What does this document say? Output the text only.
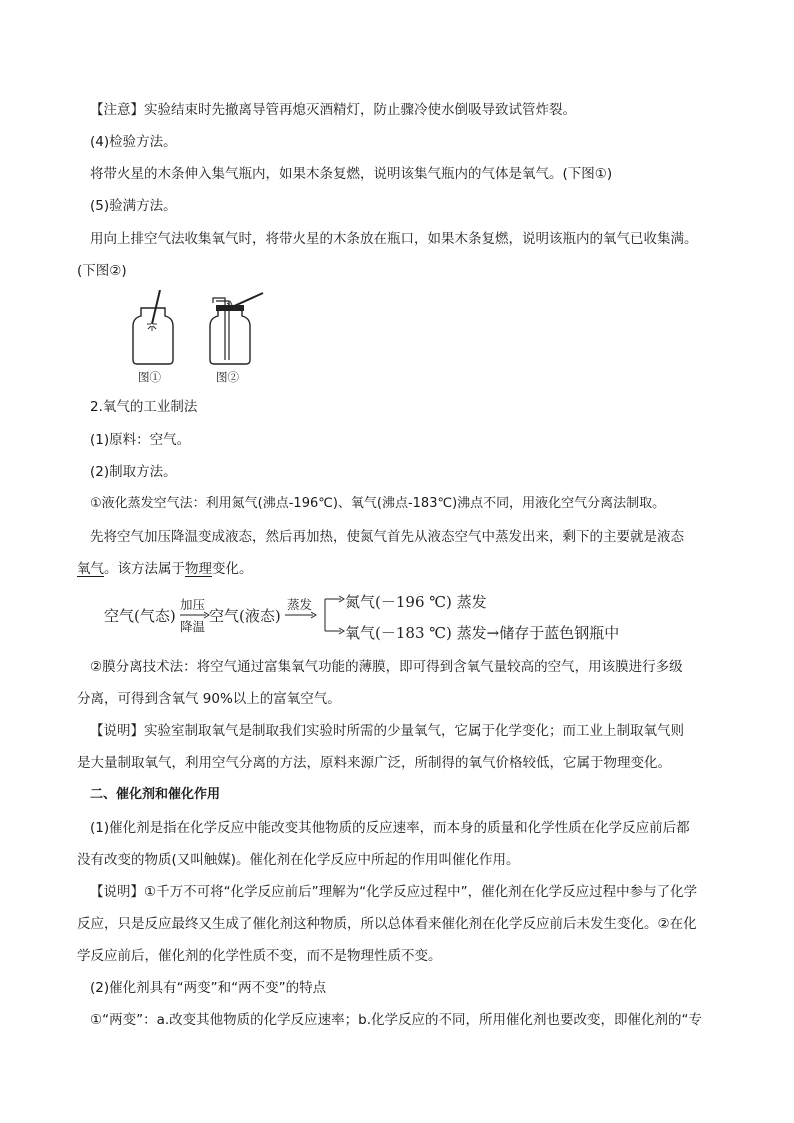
【注意】实验结束时先撤离导管再熄灭酒精灯，防止骤冷使水倒吸导致试管炸裂。
(4)检验方法。
将带火星的木条伸入集气瓶内，如果木条复燃，说明该集气瓶内的气体是氧气。(下图①)
(5)验满方法。
用向上排空气法收集氧气时，将带火星的木条放在瓶口，如果木条复燃，说明该瓶内的氧气已收集满。
(下图②)
图①	图②
2.氧气的工业制法
(1)原料：空气。
(2)制取方法。
①液化蒸发空气法：利用氮气(沸点-196℃)、氧气(沸点-183℃)沸点不同，用液化空气分离法制取。
先将空气加压降温变成液态，然后再加热，使氮气首先从液态空气中蒸发出来，剩下的主要就是液态
氧气。该方法属于物理变化。
空气(气态)
加压
降温
空气(液态)
蒸发 氮气(－196 ℃) 蒸发
氧气(－183 ℃) 蒸发→储存于蓝色钢瓶中
②膜分离技术法：将空气通过富集氧气功能的薄膜，即可得到含氧气量较高的空气，用该膜进行多级
分离，可得到含氧气 90%以上的富氧空气。
【说明】实验室制取氧气是制取我们实验时所需的少量氧气，它属于化学变化；而工业上制取氧气则
是大量制取氧气，利用空气分离的方法，原料来源广泛，所制得的氧气价格较低，它属于物理变化。
二、催化剂和催化作用
(1)催化剂是指在化学反应中能改变其他物质的反应速率，而本身的质量和化学性质在化学反应前后都
没有改变的物质(又叫触媒)。催化剂在化学反应中所起的作用叫催化作用。
【说明】①千万不可将“化学反应前后”理解为“化学反应过程中”，催化剂在化学反应过程中参与了化学
反应，只是反应最终又生成了催化剂这种物质，所以总体看来催化剂在化学反应前后未发生变化。②在化
学反应前后，催化剂的化学性质不变，而不是物理性质不变。
(2)催化剂具有“两变”和“两不变”的特点
①“两变”：a.改变其他物质的化学反应速率；b.化学反应的不同，所用催化剂也要改变，即催化剂的“专
